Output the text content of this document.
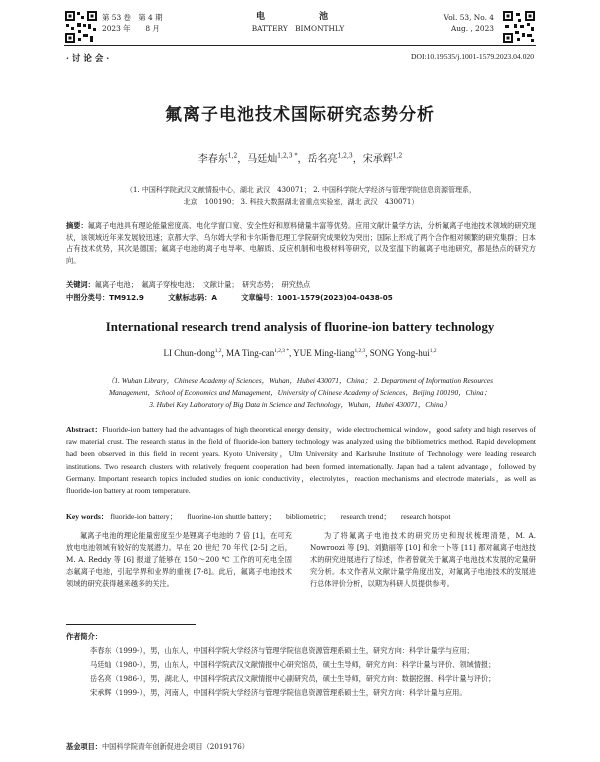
第 53 卷　第 4 期
2023 年　　8 月
电　　池
BATTERY　BIMONTHLY
Vol. 53, No. 4
Aug. , 2023
· 讨 论 会 ·	DOI:10.19535/j.1001-1579.2023.04.020
氟离子电池技术国际研究态势分析
李春东$^{1,2}$，马廷灿$^{1,2,3 *}$，岳名亮$^{1,2,3}$，宋承辉$^{1,2}$
（1. 中国科学院武汉文献情报中心，湖北 武汉　430071； 2. 中国科学院大学经济与管理学院信息资源管理系，
北京　100190； 3. 科技大数据湖北省重点实验室，湖北 武汉　430071）
摘要：氟离子电池具有理论能量密度高、电化学窗口宽、安全性好和原料储量丰富等优势。应用文献计量学方法，分析氟离子电池技术领域的研究现状，该领域近年来发展较迅速；京都大学、乌尔姆大学和卡尔斯鲁厄理工学院研究成果较为突出；国际上形成了两个合作相对频繁的研究集群；日本占有技术优势，其次是德国；氟离子电池的离子电导率、电解质、反应机制和电极材料等研究，以及室温下的氟离子电池研究，都是热点的研究方向。
关键词：氟离子电池；　氟离子穿梭电池；　文献计量；　研究态势；　研究热点
中图分类号：TM912.9	文献标志码：A	文章编号：1001-1579(2023)04-0438-05
International research trend analysis of fluorine-ion battery technology
LI Chun-dong$^{1,2}$, MA Ting-can$^{1,2,3 *}$, YUE Ming-liang$^{1,2,3}$, SONG Yong-hui$^{1,2}$
（1. Wuhan Library，Chinese Academy of Sciences，Wuhan，Hubei 430071，China； 2. Department of Information Resources
Management，School of Economics and Management，University of Chinese Academy of Sciences，Beijing 100190，China；
3. Hubei Key Laboratory of Big Data in Science and Technology，Wuhan，Hubei 430071，China）
Abstract：Fluoride-ion battery had the advantages of high theoretical energy density，wide electrochemical window，good safety and high reserves of raw material crust. The research status in the field of fluoride-ion battery technology was analyzed using the bibliometrics method. Rapid development had been observed in this field in recent years. Kyoto University，Ulm University and Karlsruhe Institute of Technology were leading research institutions. Two research clusters with relatively frequent cooperation had been formed internationally. Japan had a talent advantage，followed by Germany. Important research topics included studies on ionic conductivity，electrolytes，reaction mechanisms and electrode materials，as well as fluoride-ion battery at room temperature.
Key words： fluoride-ion battery； fluorine-ion shuttle battery； bibliometric； research trend； research hotspot
氟离子电池的理论能量密度至少是锂离子电池的 7 倍 [1]，在可充放电电池领域有较好的发展潜力。早在 20 世纪 70 年代 [2-5] 之后，M. A. Reddy 等 [6] 报道了能够在 150～200 ℃ 工作的可充电全固态氟离子电池，引起学界和业界的重视 [7-8]。此后，氟离子电池技术领域的研究获得越来越多的关注。
为了将氟离子电池技术的研究历史和现状梳理清楚，M. A. Nowroozi 等 [9]、刘勤丽等 [10] 和余一卜等 [11] 都对氟离子电池技术的研究进展进行了综述，作者曾就关于氟离子电池技术发展的定量研究分析。本文作者从文献计量学角度出发，对氟离子电池技术的发展进行总体评价分析，以期为科研人员提供参考。
作者简介：
李春东（1999-），男，山东人，中国科学院大学经济与管理学院信息资源管理系硕士生，研究方向：科学计量学与应用；
马廷灿（1980-），男，山东人，中国科学院武汉文献情报中心研究馆员，硕士生导师，研究方向：科学计量与评价、领域情报；
岳名亮（1986-），男，湖北人，中国科学院武汉文献情报中心副研究员，硕士生导师，研究方向：数据挖掘、科学计量与评价；
宋承辉（1999-），男，河南人，中国科学院大学经济与管理学院信息资源管理系硕士生，研究方向：科学计量与应用。
基金项目：中国科学院青年创新促进会项目（2019176）
